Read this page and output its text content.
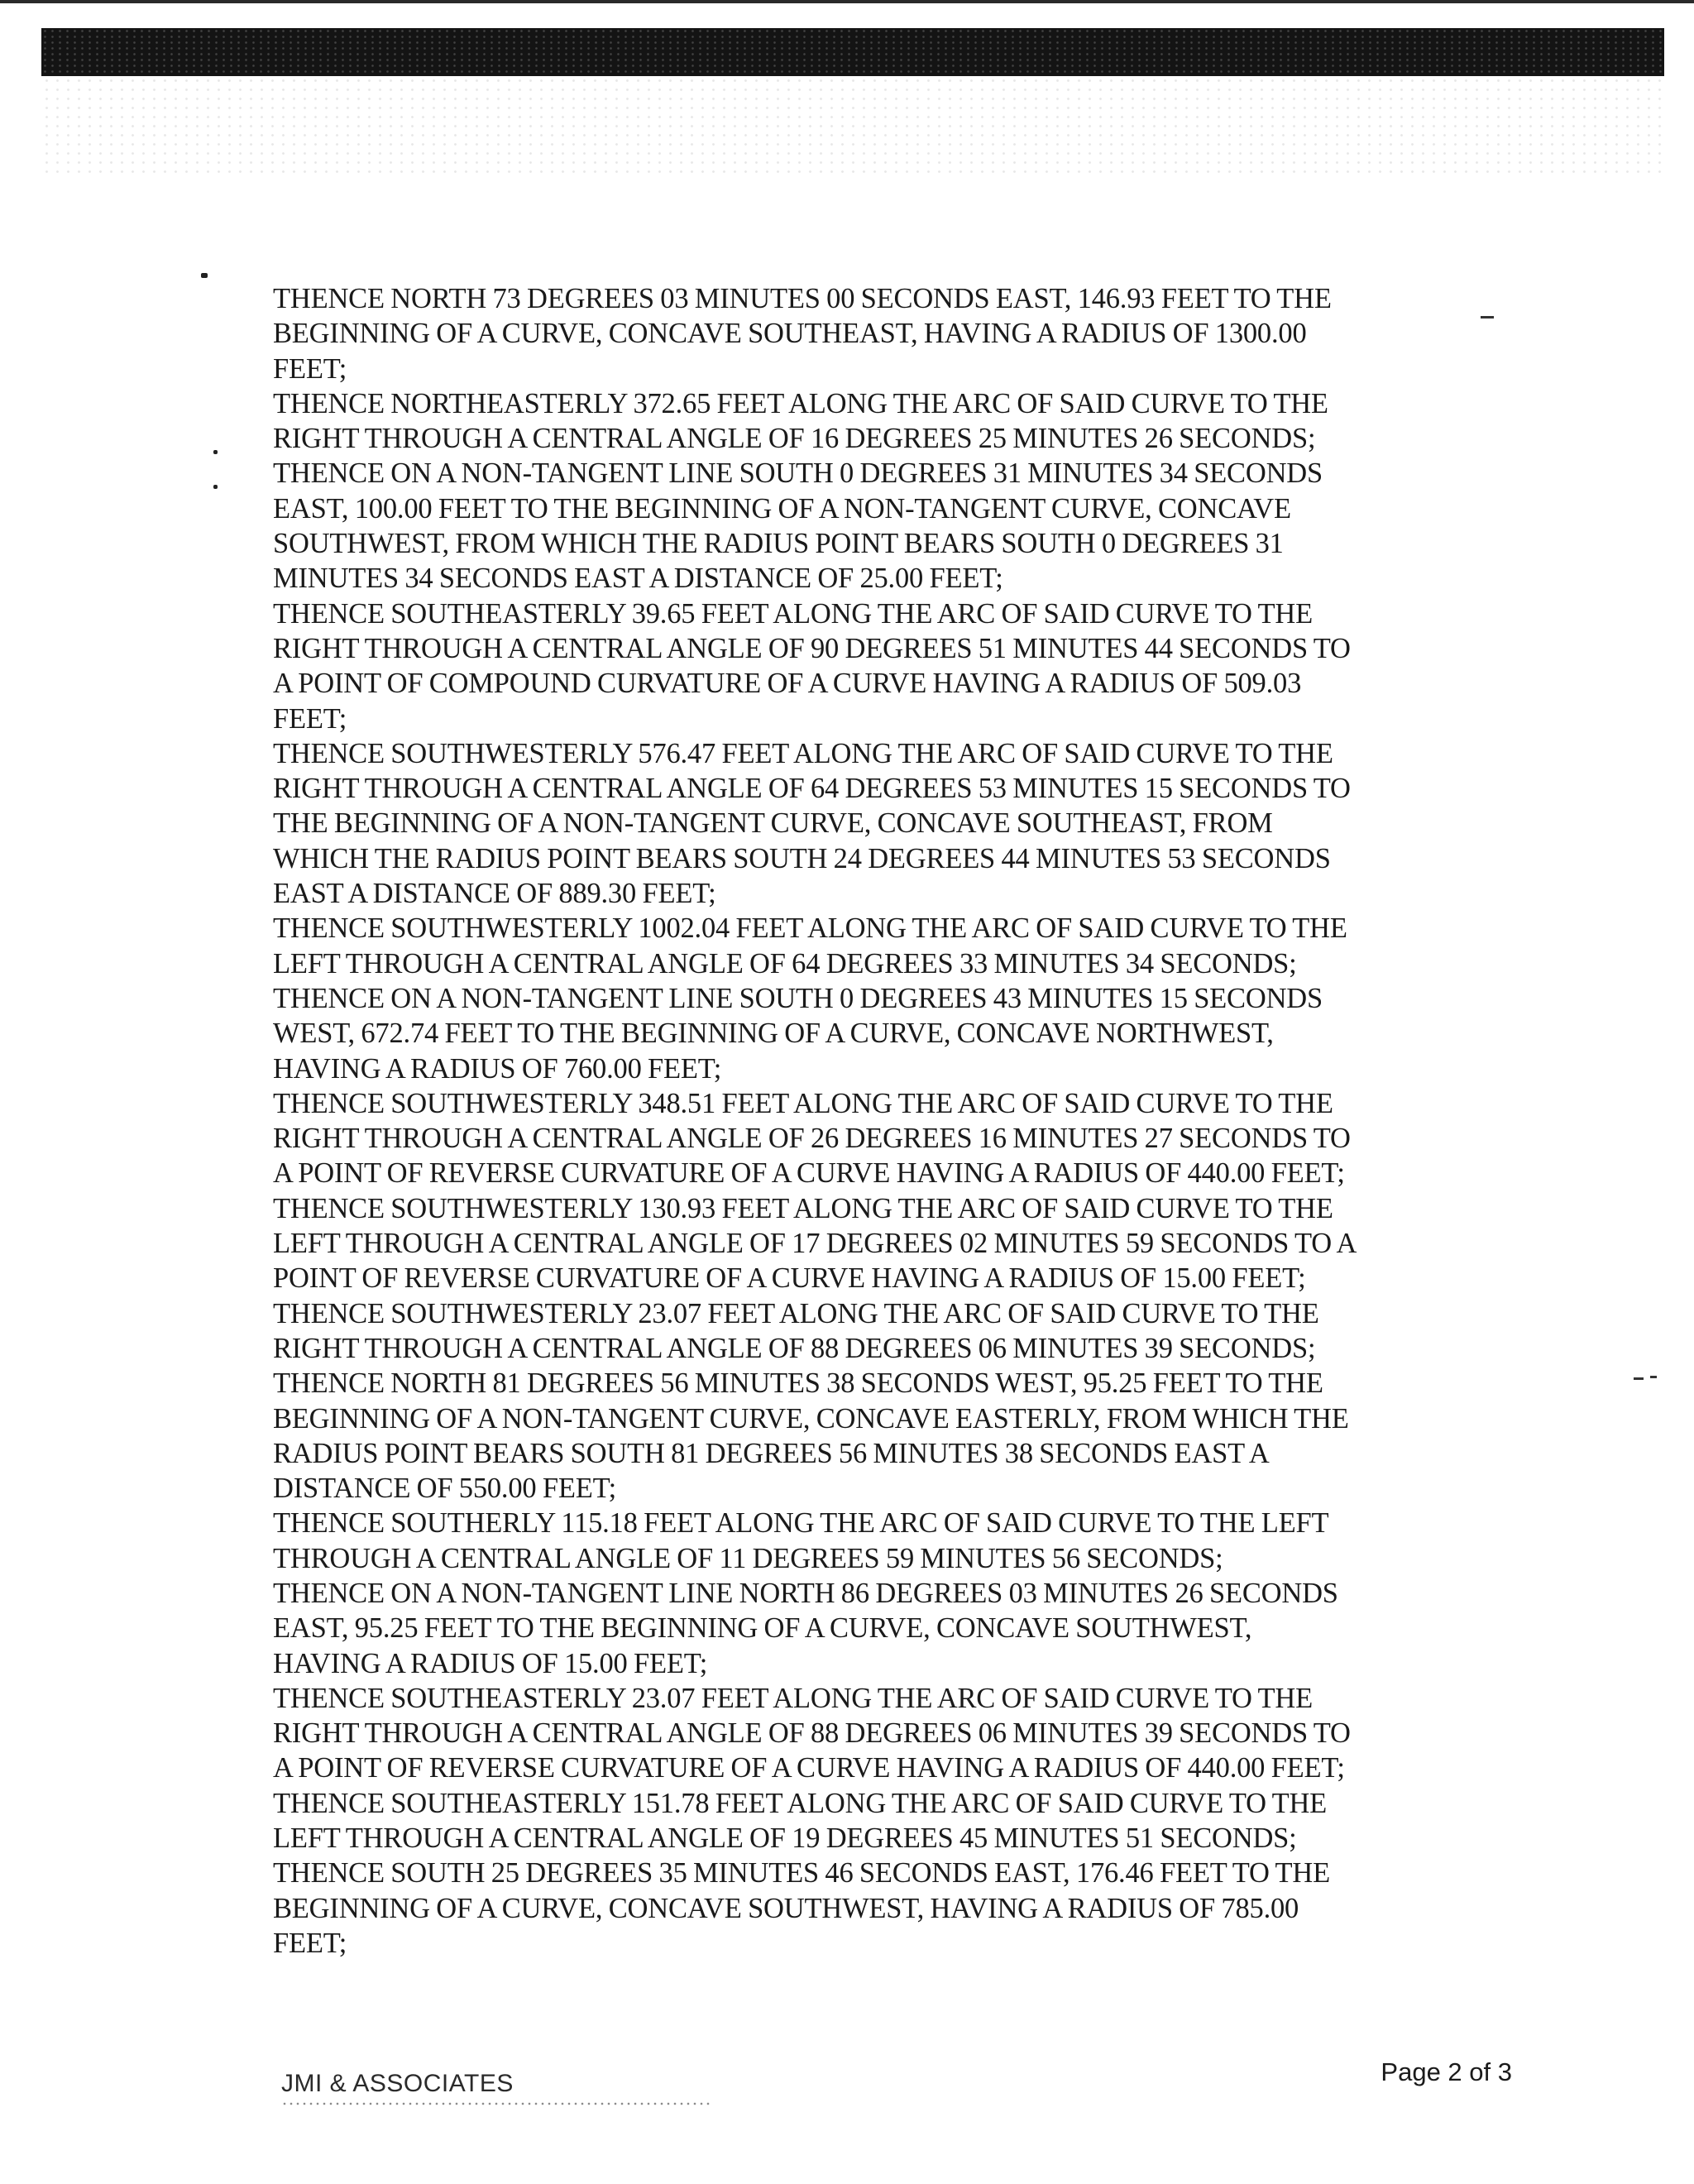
THENCE NORTH 73 DEGREES 03 MINUTES 00 SECONDS EAST, 146.93 FEET TO THE
BEGINNING OF A CURVE, CONCAVE SOUTHEAST, HAVING A RADIUS OF 1300.00
FEET;
THENCE NORTHEASTERLY 372.65 FEET ALONG THE ARC OF SAID CURVE TO THE
RIGHT THROUGH A CENTRAL ANGLE OF 16 DEGREES 25 MINUTES 26 SECONDS;
THENCE ON A NON-TANGENT LINE SOUTH 0 DEGREES 31 MINUTES 34 SECONDS
EAST, 100.00 FEET TO THE BEGINNING OF A NON-TANGENT CURVE, CONCAVE
SOUTHWEST, FROM WHICH THE RADIUS POINT BEARS SOUTH 0 DEGREES 31
MINUTES 34 SECONDS EAST A DISTANCE OF 25.00 FEET;
THENCE SOUTHEASTERLY 39.65 FEET ALONG THE ARC OF SAID CURVE TO THE
RIGHT THROUGH A CENTRAL ANGLE OF 90 DEGREES 51 MINUTES 44 SECONDS TO
A POINT OF COMPOUND CURVATURE OF A CURVE HAVING A RADIUS OF 509.03
FEET;
THENCE SOUTHWESTERLY 576.47 FEET ALONG THE ARC OF SAID CURVE TO THE
RIGHT THROUGH A CENTRAL ANGLE OF 64 DEGREES 53 MINUTES 15 SECONDS TO
THE BEGINNING OF A NON-TANGENT CURVE, CONCAVE SOUTHEAST, FROM
WHICH THE RADIUS POINT BEARS SOUTH 24 DEGREES 44 MINUTES 53 SECONDS
EAST A DISTANCE OF 889.30 FEET;
THENCE SOUTHWESTERLY 1002.04 FEET ALONG THE ARC OF SAID CURVE TO THE
LEFT THROUGH A CENTRAL ANGLE OF 64 DEGREES 33 MINUTES 34 SECONDS;
THENCE ON A NON-TANGENT LINE SOUTH 0 DEGREES 43 MINUTES 15 SECONDS
WEST, 672.74 FEET TO THE BEGINNING OF A CURVE, CONCAVE NORTHWEST,
HAVING A RADIUS OF 760.00 FEET;
THENCE SOUTHWESTERLY 348.51 FEET ALONG THE ARC OF SAID CURVE TO THE
RIGHT THROUGH A CENTRAL ANGLE OF 26 DEGREES 16 MINUTES 27 SECONDS TO
A POINT OF REVERSE CURVATURE OF A CURVE HAVING A RADIUS OF 440.00 FEET;
THENCE SOUTHWESTERLY 130.93 FEET ALONG THE ARC OF SAID CURVE TO THE
LEFT THROUGH A CENTRAL ANGLE OF 17 DEGREES 02 MINUTES 59 SECONDS TO A
POINT OF REVERSE CURVATURE OF A CURVE HAVING A RADIUS OF 15.00 FEET;
THENCE SOUTHWESTERLY 23.07 FEET ALONG THE ARC OF SAID CURVE TO THE
RIGHT THROUGH A CENTRAL ANGLE OF 88 DEGREES 06 MINUTES 39 SECONDS;
THENCE NORTH 81 DEGREES 56 MINUTES 38 SECONDS WEST, 95.25 FEET TO THE
BEGINNING OF A NON-TANGENT CURVE, CONCAVE EASTERLY, FROM WHICH THE
RADIUS POINT BEARS SOUTH 81 DEGREES 56 MINUTES 38 SECONDS EAST A
DISTANCE OF 550.00 FEET;
THENCE SOUTHERLY 115.18 FEET ALONG THE ARC OF SAID CURVE TO THE LEFT
THROUGH A CENTRAL ANGLE OF 11 DEGREES 59 MINUTES 56 SECONDS;
THENCE ON A NON-TANGENT LINE NORTH 86 DEGREES 03 MINUTES 26 SECONDS
EAST, 95.25 FEET TO THE BEGINNING OF A CURVE, CONCAVE SOUTHWEST,
HAVING A RADIUS OF 15.00 FEET;
THENCE SOUTHEASTERLY 23.07 FEET ALONG THE ARC OF SAID CURVE TO THE
RIGHT THROUGH A CENTRAL ANGLE OF 88 DEGREES 06 MINUTES 39 SECONDS TO
A POINT OF REVERSE CURVATURE OF A CURVE HAVING A RADIUS OF 440.00 FEET;
THENCE SOUTHEASTERLY 151.78 FEET ALONG THE ARC OF SAID CURVE TO THE
LEFT THROUGH A CENTRAL ANGLE OF 19 DEGREES 45 MINUTES 51 SECONDS;
THENCE SOUTH 25 DEGREES 35 MINUTES 46 SECONDS EAST, 176.46 FEET TO THE
BEGINNING OF A CURVE, CONCAVE SOUTHWEST, HAVING A RADIUS OF 785.00
FEET;
JMI & ASSOCIATES	Page 2 of 3
